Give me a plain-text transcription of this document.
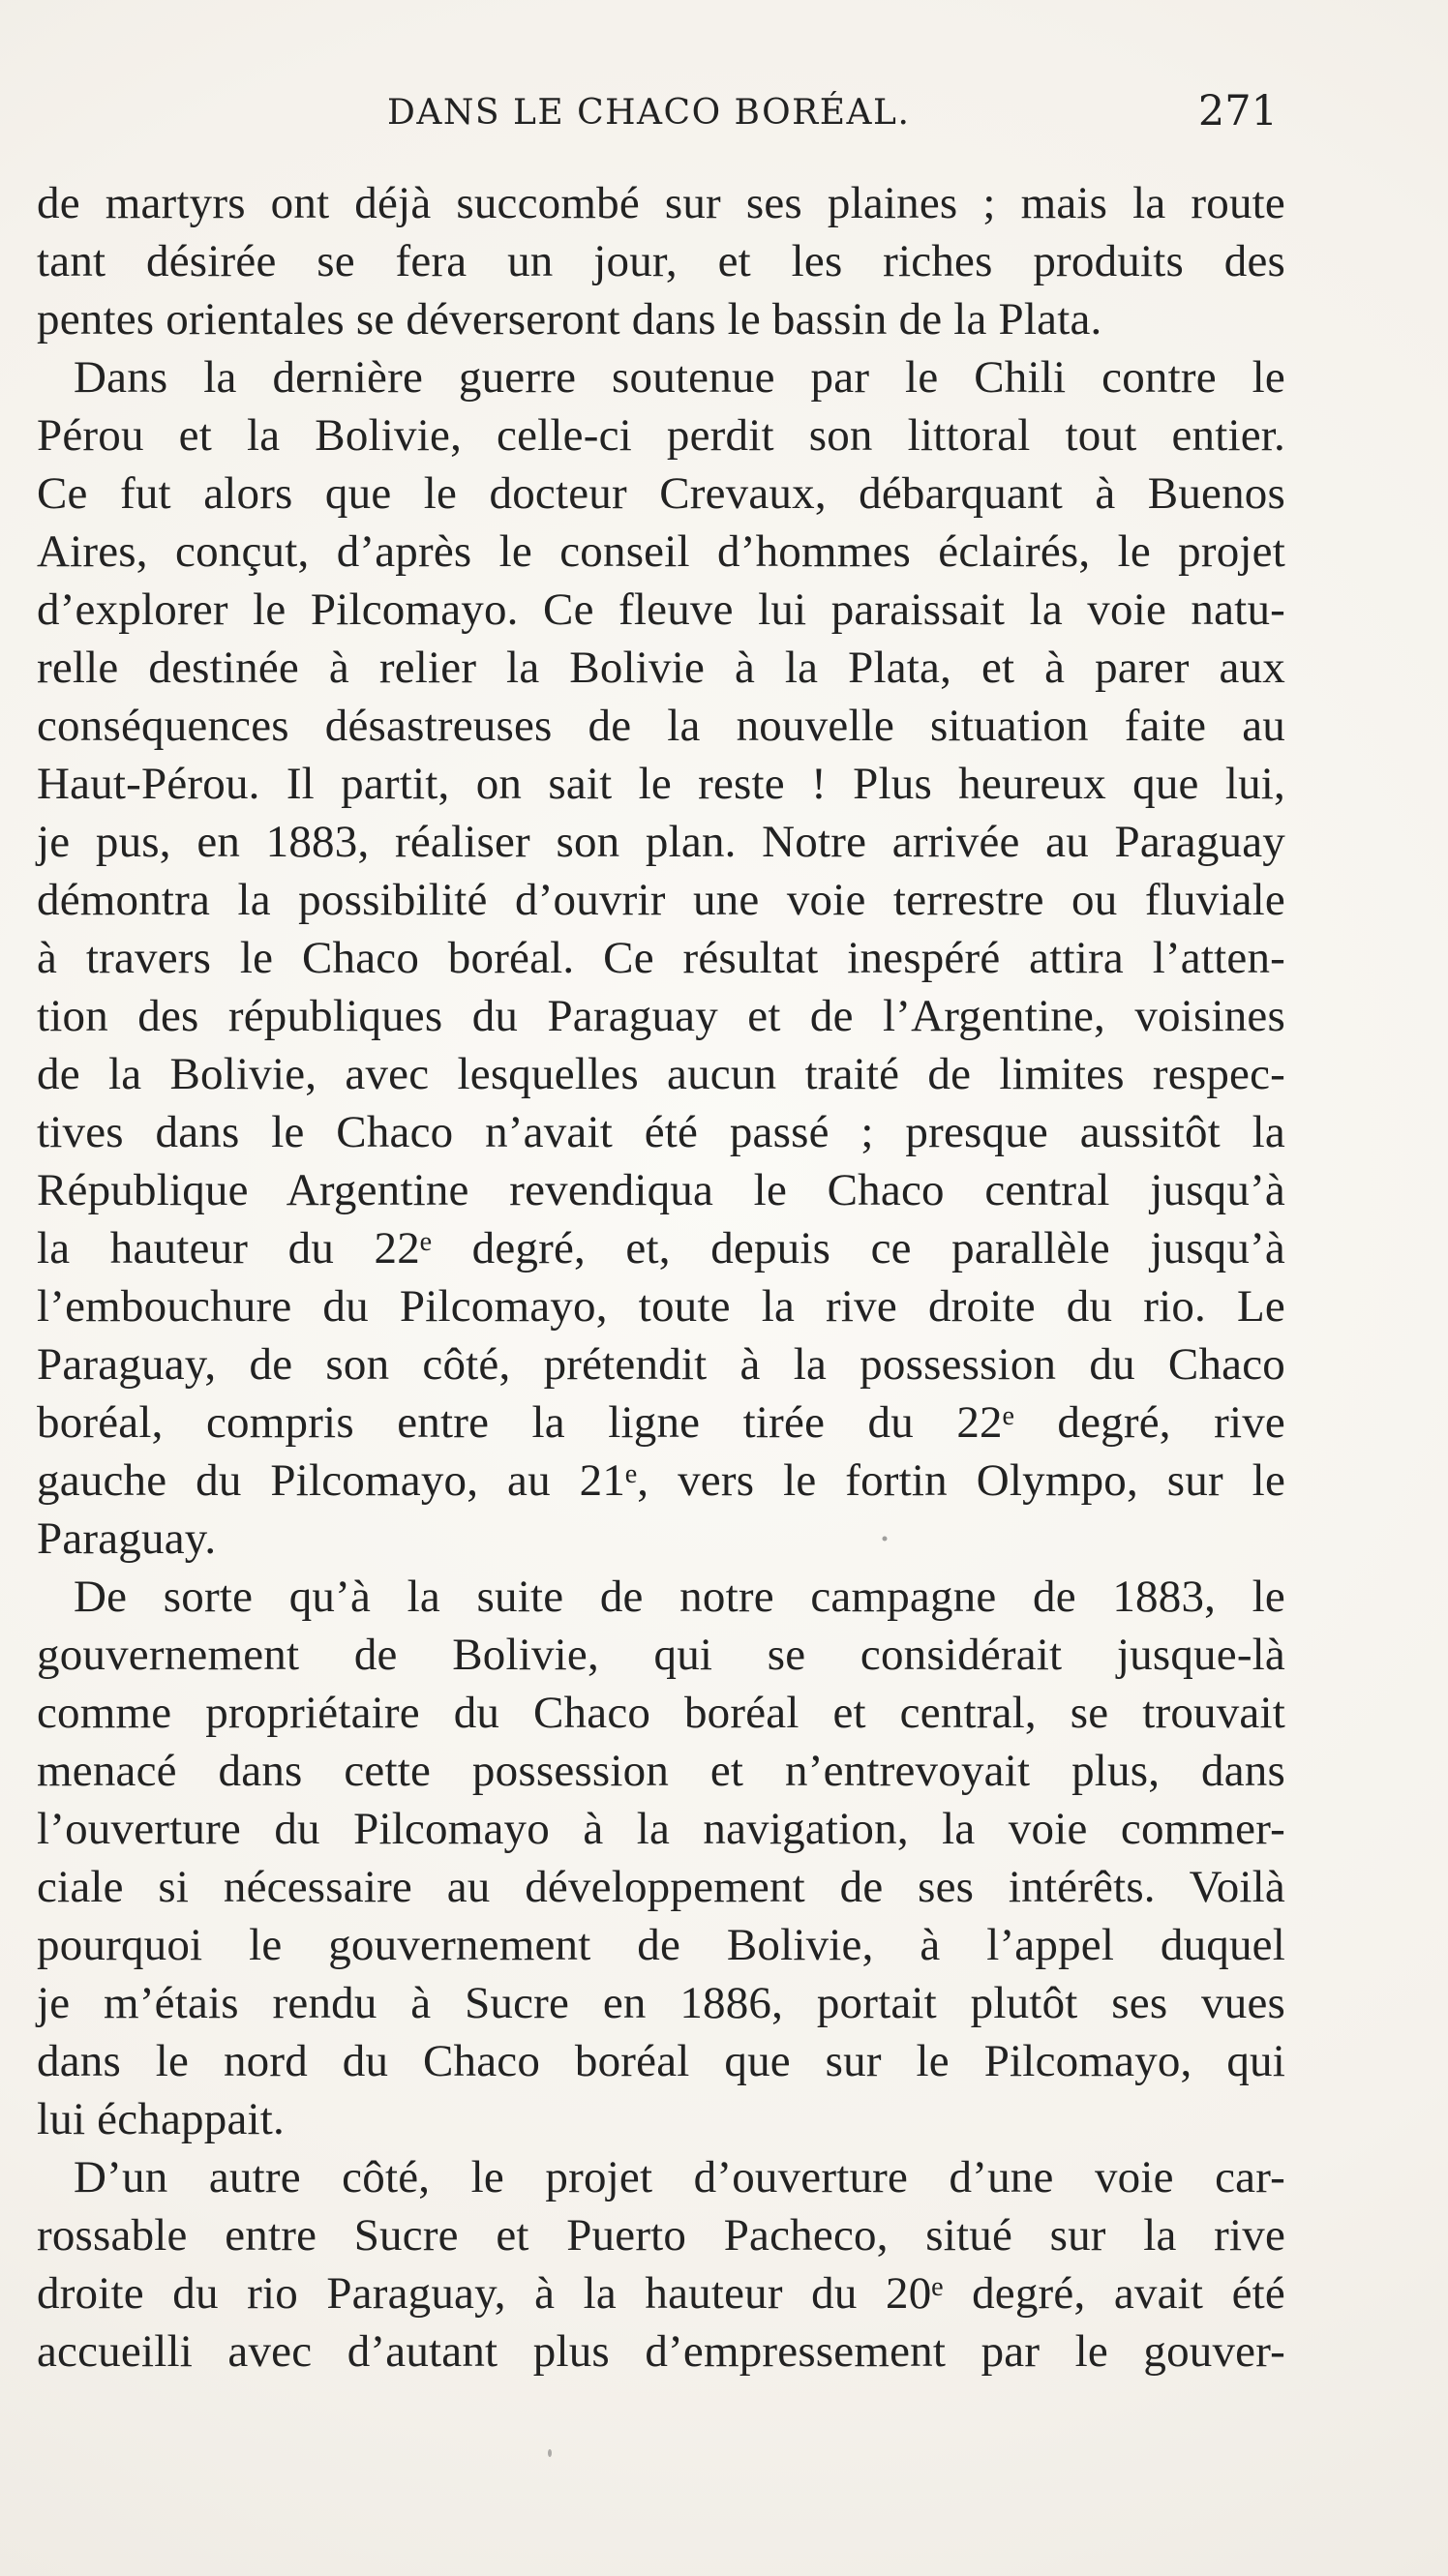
DANS LE CHACO BORÉAL.	271
de martyrs ont déjà succombé sur ses plaines ; mais la route
tant désirée se fera un jour, et les riches produits des
pentes orientales se déverseront dans le bassin de la Plata.
Dans la dernière guerre soutenue par le Chili contre le
Pérou et la Bolivie, celle-ci perdit son littoral tout entier.
Ce fut alors que le docteur Crevaux, débarquant à Buenos
Aires, conçut, d’après le conseil d’hommes éclairés, le projet
d’explorer le Pilcomayo. Ce fleuve lui paraissait la voie natu-
relle destinée à relier la Bolivie à la Plata, et à parer aux
conséquences désastreuses de la nouvelle situation faite au
Haut-Pérou. Il partit, on sait le reste ! Plus heureux que lui,
je pus, en 1883, réaliser son plan. Notre arrivée au Paraguay
démontra la possibilité d’ouvrir une voie terrestre ou fluviale
à travers le Chaco boréal. Ce résultat inespéré attira l’atten-
tion des républiques du Paraguay et de l’Argentine, voisines
de la Bolivie, avec lesquelles aucun traité de limites respec-
tives dans le Chaco n’avait été passé ; presque aussitôt la
République Argentine revendiqua le Chaco central jusqu’à
la hauteur du 22ᵉ degré, et, depuis ce parallèle jusqu’à
l’embouchure du Pilcomayo, toute la rive droite du rio. Le
Paraguay, de son côté, prétendit à la possession du Chaco
boréal, compris entre la ligne tirée du 22ᵉ degré, rive
gauche du Pilcomayo, au 21ᵉ, vers le fortin Olympo, sur le
Paraguay.
De sorte qu’à la suite de notre campagne de 1883, le
gouvernement de Bolivie, qui se considérait jusque-là
comme propriétaire du Chaco boréal et central, se trouvait
menacé dans cette possession et n’entrevoyait plus, dans
l’ouverture du Pilcomayo à la navigation, la voie commer-
ciale si nécessaire au développement de ses intérêts. Voilà
pourquoi le gouvernement de Bolivie, à l’appel duquel
je m’étais rendu à Sucre en 1886, portait plutôt ses vues
dans le nord du Chaco boréal que sur le Pilcomayo, qui
lui échappait.
D’un autre côté, le projet d’ouverture d’une voie car-
rossable entre Sucre et Puerto Pacheco, situé sur la rive
droite du rio Paraguay, à la hauteur du 20ᵉ degré, avait été
accueilli avec d’autant plus d’empressement par le gouver-
